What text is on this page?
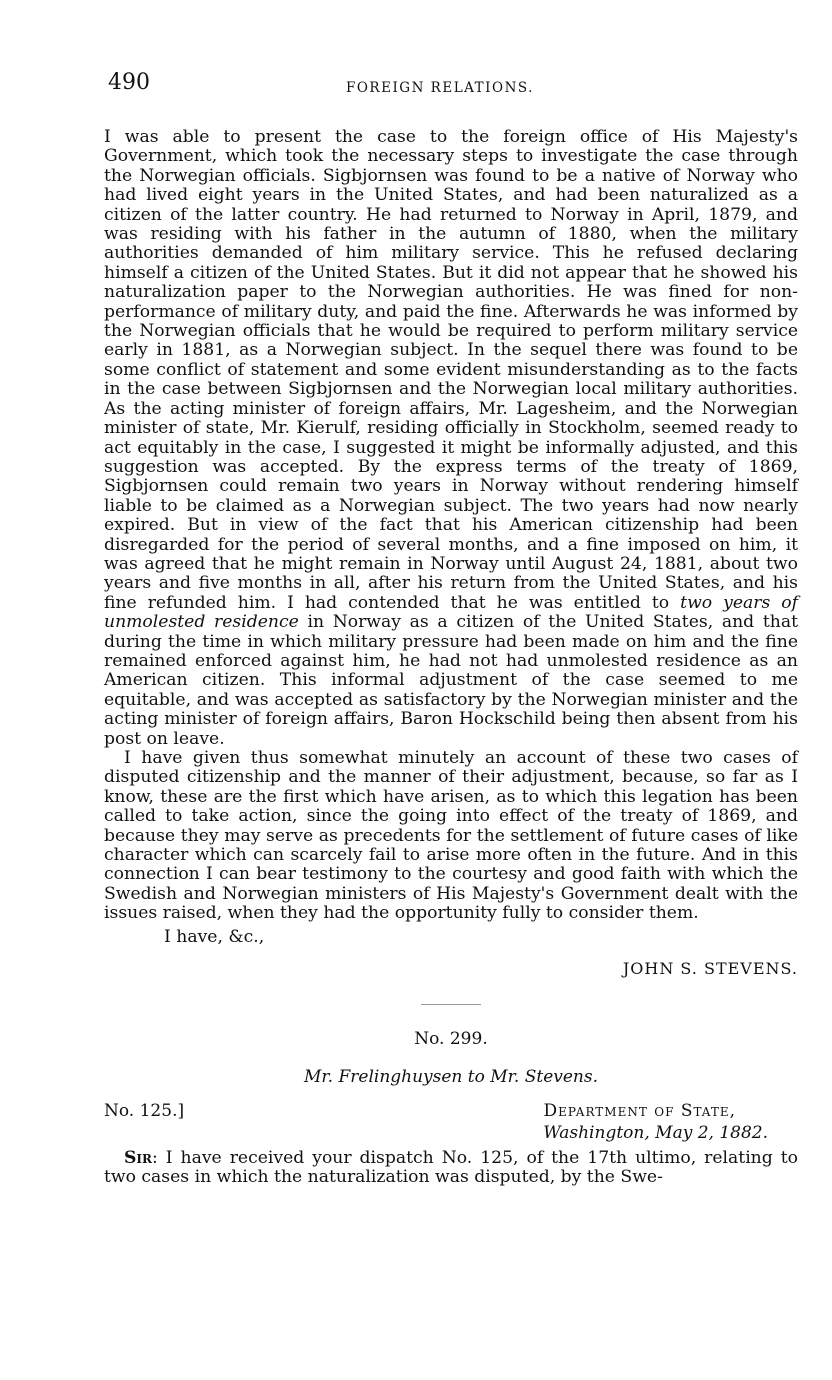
490	FOREIGN RELATIONS.

I was able to present the case to the foreign office of His Majesty's Government, which took the necessary steps to investigate the case through the Norwegian officials. Sigbjornsen was found to be a native of Norway who had lived eight years in the United States, and had been naturalized as a citizen of the latter country. He had returned to Norway in April, 1879, and was residing with his father in the autumn of 1880, when the military authorities demanded of him military service. This he refused declaring himself a citizen of the United States. But it did not appear that he showed his naturalization paper to the Norwegian authorities. He was fined for non-performance of military duty, and paid the fine. Afterwards he was informed by the Norwegian officials that he would be required to perform military service early in 1881, as a Norwegian subject. In the sequel there was found to be some conflict of statement and some evident misunderstanding as to the facts in the case between Sigbjornsen and the Norwegian local military authorities. As the acting minister of foreign affairs, Mr. Lagesheim, and the Norwegian minister of state, Mr. Kierulf, residing officially in Stockholm, seemed ready to act equitably in the case, I suggested it might be informally adjusted, and this suggestion was accepted. By the express terms of the treaty of 1869, Sigbjornsen could remain two years in Norway without rendering himself liable to be claimed as a Norwegian subject. The two years had now nearly expired. But in view of the fact that his American citizenship had been disregarded for the period of several months, and a fine imposed on him, it was agreed that he might remain in Norway until August 24, 1881, about two years and five months in all, after his return from the United States, and his fine refunded him. I had contended that he was entitled to two years of unmolested residence in Norway as a citizen of the United States, and that during the time in which military pressure had been made on him and the fine remained enforced against him, he had not had unmolested residence as an American citizen. This informal adjustment of the case seemed to me equitable, and was accepted as satisfactory by the Norwegian minister and the acting minister of foreign affairs, Baron Hockschild being then absent from his post on leave.

I have given thus somewhat minutely an account of these two cases of disputed citizenship and the manner of their adjustment, because, so far as I know, these are the first which have arisen, as to which this legation has been called to take action, since the going into effect of the treaty of 1869, and because they may serve as precedents for the settlement of future cases of like character which can scarcely fail to arise more often in the future. And in this connection I can bear testimony to the courtesy and good faith with which the Swedish and Norwegian ministers of His Majesty's Government dealt with the issues raised, when they had the opportunity fully to consider them.

I have, &c.,
JOHN S. STEVENS.
No. 299.
Mr. Frelinghuysen to Mr. Stevens.
No. 125.]	Department of State,
Washington, May 2, 1882.
Sir: I have received your dispatch No. 125, of the 17th ultimo, relating to two cases in which the naturalization was disputed, by the Swe-
